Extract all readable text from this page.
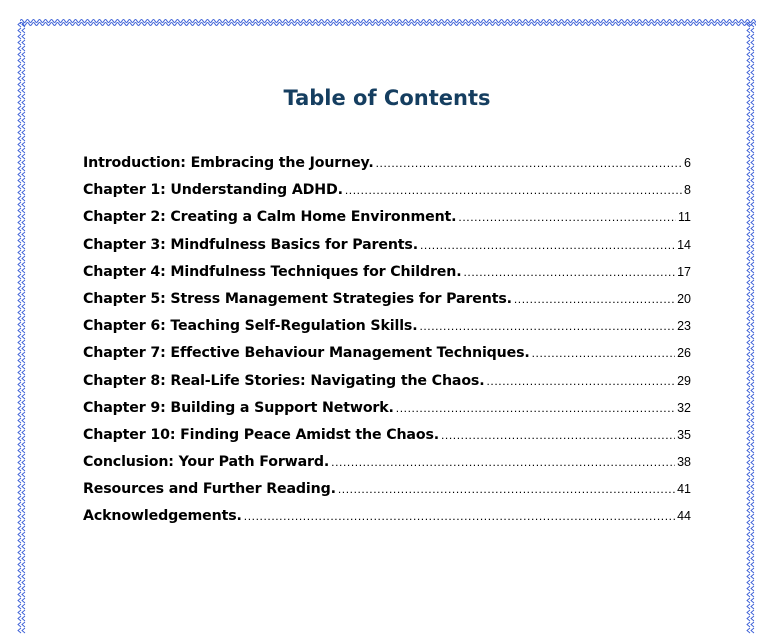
Table of Contents
Introduction: Embracing the Journey. .....	6
Chapter 1: Understanding ADHD. .....	8
Chapter 2: Creating a Calm Home Environment. .....	11
Chapter 3: Mindfulness Basics for Parents. .....	14
Chapter 4: Mindfulness Techniques for Children. .....	17
Chapter 5: Stress Management Strategies for Parents. .....	20
Chapter 6: Teaching Self-Regulation Skills. .....	23
Chapter 7: Effective Behaviour Management Techniques. .....	26
Chapter 8: Real-Life Stories: Navigating the Chaos. .....	29
Chapter 9: Building a Support Network. .....	32
Chapter 10: Finding Peace Amidst the Chaos. .....	35
Conclusion: Your Path Forward. .....	38
Resources and Further Reading. .....	41
Acknowledgements. .....	44
